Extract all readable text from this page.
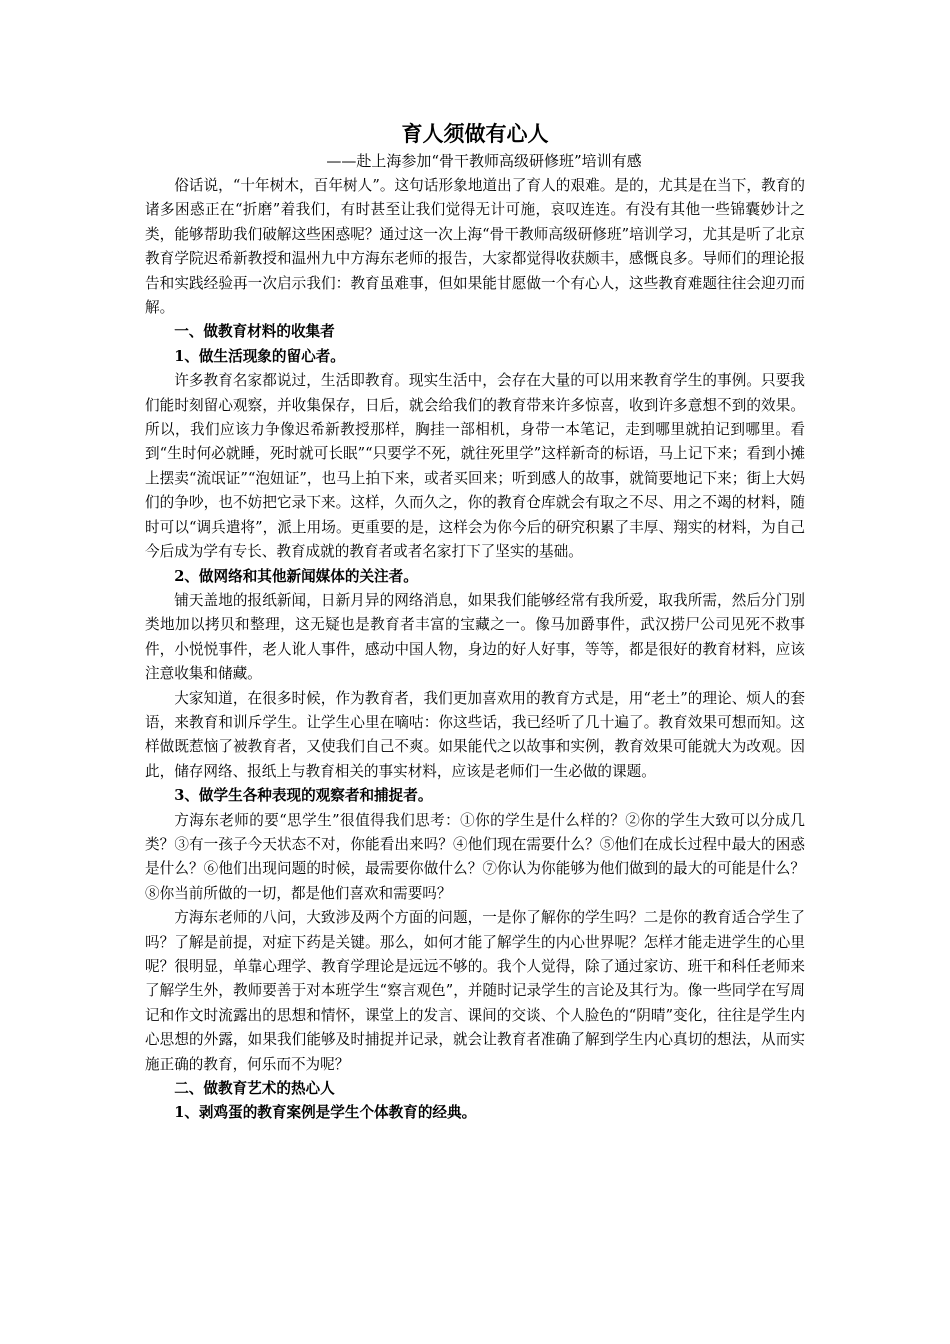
育人须做有心人

——赴上海参加“骨干教师高级研修班”培训有感

俗话说，“十年树木，百年树人”。这句话形象地道出了育人的艰难。是的，尤其是在当下，教育的诸多困惑正在“折磨”着我们，有时甚至让我们觉得无计可施，哀叹连连。有没有其他一些锦囊妙计之类，能够帮助我们破解这些困惑呢？通过这一次上海“骨干教师高级研修班”培训学习，尤其是听了北京教育学院迟希新教授和温州九中方海东老师的报告，大家都觉得收获颇丰，感慨良多。导师们的理论报告和实践经验再一次启示我们：教育虽难事，但如果能甘愿做一个有心人，这些教育难题往往会迎刃而解。

一、做教育材料的收集者

1、做生活现象的留心者。

许多教育名家都说过，生活即教育。现实生活中，会存在大量的可以用来教育学生的事例。只要我们能时刻留心观察，并收集保存，日后，就会给我们的教育带来许多惊喜，收到许多意想不到的效果。所以，我们应该力争像迟希新教授那样，胸挂一部相机，身带一本笔记，走到哪里就拍记到哪里。看到“生时何必就睡，死时就可长眠”“只要学不死，就往死里学”这样新奇的标语，马上记下来；看到小摊上摆卖“流氓证”“泡妞证”，也马上拍下来，或者买回来；听到感人的故事，就简要地记下来；街上大妈们的争吵，也不妨把它录下来。这样，久而久之，你的教育仓库就会有取之不尽、用之不竭的材料，随时可以“调兵遣将”，派上用场。更重要的是，这样会为你今后的研究积累了丰厚、翔实的材料，为自己今后成为学有专长、教育成就的教育者或者名家打下了坚实的基础。

2、做网络和其他新闻媒体的关注者。

铺天盖地的报纸新闻，日新月异的网络消息，如果我们能够经常有我所爱，取我所需，然后分门别类地加以拷贝和整理，这无疑也是教育者丰富的宝藏之一。像马加爵事件，武汉捞尸公司见死不救事件，小悦悦事件，老人讹人事件，感动中国人物，身边的好人好事，等等，都是很好的教育材料，应该注意收集和储藏。

大家知道，在很多时候，作为教育者，我们更加喜欢用的教育方式是，用“老土”的理论、烦人的套语，来教育和训斥学生。让学生心里在嘀咕：你这些话，我已经听了几十遍了。教育效果可想而知。这样做既惹恼了被教育者，又使我们自己不爽。如果能代之以故事和实例，教育效果可能就大为改观。因此，储存网络、报纸上与教育相关的事实材料，应该是老师们一生必做的课题。

3、做学生各种表现的观察者和捕捉者。

方海东老师的要“思学生”很值得我们思考：①你的学生是什么样的？②你的学生大致可以分成几类？③有一孩子今天状态不对，你能看出来吗？④他们现在需要什么？⑤他们在成长过程中最大的困惑是什么？⑥他们出现问题的时候，最需要你做什么？⑦你认为你能够为他们做到的最大的可能是什么？⑧你当前所做的一切，都是他们喜欢和需要吗？

方海东老师的八问，大致涉及两个方面的问题，一是你了解你的学生吗？二是你的教育适合学生了吗？了解是前提，对症下药是关键。那么，如何才能了解学生的内心世界呢？怎样才能走进学生的心里呢？很明显，单靠心理学、教育学理论是远远不够的。我个人觉得，除了通过家访、班干和科任老师来了解学生外，教师要善于对本班学生“察言观色”，并随时记录学生的言论及其行为。像一些同学在写周记和作文时流露出的思想和情怀，课堂上的发言、课间的交谈、个人脸色的“阴晴”变化，往往是学生内心思想的外露，如果我们能够及时捕捉并记录，就会让教育者准确了解到学生内心真切的想法，从而实施正确的教育，何乐而不为呢？

二、做教育艺术的热心人

1、剥鸡蛋的教育案例是学生个体教育的经典。
